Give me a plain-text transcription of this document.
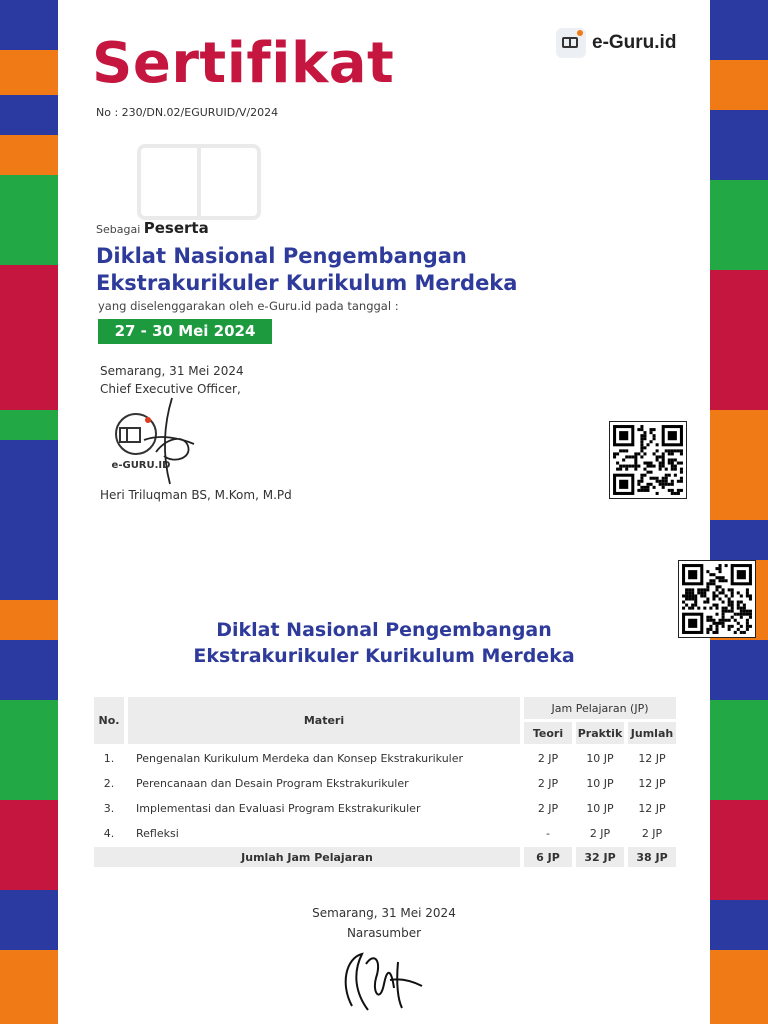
Sertifikat
No : 230/DN.02/EGURUID/V/2024
e-Guru.id
Sebagai Peserta
Diklat Nasional Pengembangan
Ekstrakurikuler Kurikulum Merdeka
yang diselenggarakan oleh e-Guru.id pada tanggal :
27 - 30 Mei 2024
Semarang, 31 Mei 2024
Chief Executive Officer,
e-GURU.ID
Heri Triluqman BS, M.Kom, M.Pd
Diklat Nasional Pengembangan
Ekstrakurikuler Kurikulum Merdeka
No.	Materi	Jam Pelajaran (JP)		
		Teori	Praktik	Jumlah
1.	Pengenalan Kurikulum Merdeka dan Konsep Ekstrakurikuler	2 JP	10 JP	12 JP
2.	Perencanaan dan Desain Program Ekstrakurikuler	2 JP	10 JP	12 JP
3.	Implementasi dan Evaluasi Program Ekstrakurikuler	2 JP	10 JP	12 JP
4.	Refleksi	-	2 JP	2 JP
Jumlah Jam Pelajaran		6 JP	32 JP	38 JP
Semarang, 31 Mei 2024
Narasumber
